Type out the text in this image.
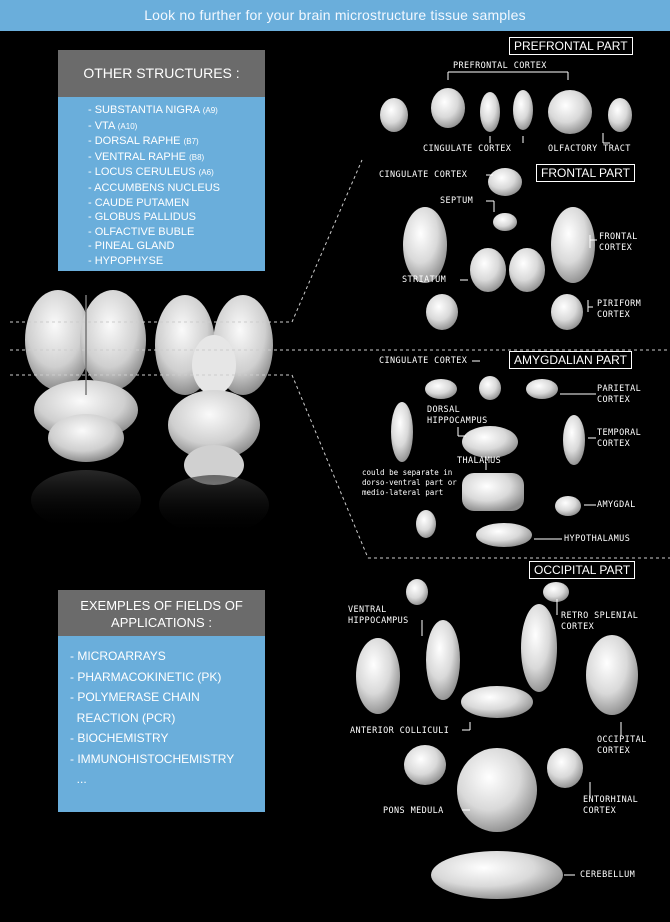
Look no further for your brain microstructure tissue samples
OTHER STRUCTURES :
- SUBSTANTIA NIGRA (A9)
- VTA (A10)
- DORSAL RAPHE (B7)
- VENTRAL RAPHE (B8)
- LOCUS CERULEUS (A6)
- ACCUMBENS NUCLEUS
- CAUDE PUTAMEN
- GLOBUS PALLIDUS
- OLFACTIVE BUBLE
- PINEAL GLAND
- HYPOPHYSE
EXEMPLES OF FIELDS OF
APPLICATIONS :
- MICROARRAYS
- PHARMACOKINETIC (PK)
- POLYMERASE CHAIN
REACTION (PCR)
- BIOCHEMISTRY
- IMMUNOHISTOCHEMISTRY
...
PREFRONTAL PART
FRONTAL PART
AMYGDALIAN PART
OCCIPITAL PART
PREFRONTAL CORTEX
CINGULATE CORTEX	OLFACTORY TRACT
CINGULATE CORTEX
SEPTUM
FRONTAL
CORTEX
STRIATUM
PIRIFORM
CORTEX
CINGULATE CORTEX
PARIETAL
CORTEX
DORSAL
HIPPOCAMPUS
TEMPORAL
CORTEX
THALAMUS
could be separate in
dorso-ventral part or
medio-lateral part
AMYGDAL
HYPOTHALAMUS
VENTRAL
HIPPOCAMPUS	RETRO SPLENIAL
CORTEX
ANTERIOR COLLICULI
OCCIPITAL
CORTEX
PONS MEDULA
ENTORHINAL
CORTEX
CEREBELLUM
